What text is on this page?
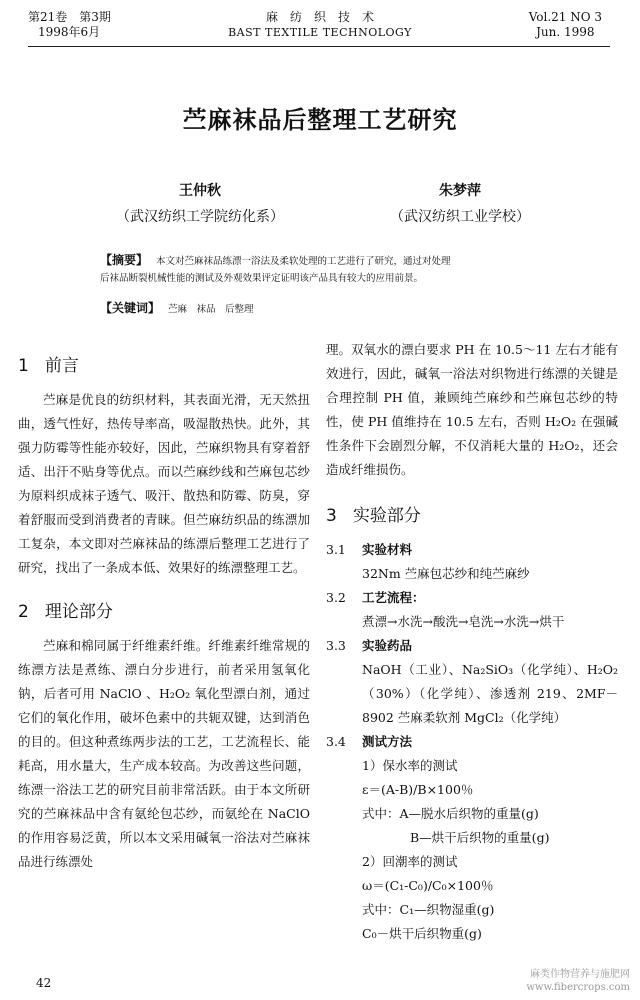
第21卷　第3期
1998年6月
麻　纺　织　技　术
BAST TEXTILE TECHNOLOGY
Vol.21 NO 3
Jun. 1998
苎麻袜品后整理工艺研究
王仲秋
（武汉纺织工学院纺化系）
朱梦萍
（武汉纺织工业学校）
【摘要】 本文对苎麻袜品练漂一浴法及柔软处理的工艺进行了研究，通过对处理
后袜品断裂机械性能的测试及外观效果评定证明该产品具有较大的应用前景。
【关键词】 苎麻　袜品　后整理
1 前言

苎麻是优良的纺织材料，其表面光滑，无天然扭曲，透气性好，热传导率高，吸湿散热快。此外，其强力防霉等性能亦较好，因此，苎麻织物具有穿着舒适、出汗不贴身等优点。而以苎麻纱线和苎麻包芯纱为原料织成袜子透气、吸汗、散热和防霉、防臭，穿着舒服而受到消费者的青睐。但苎麻纺织品的练漂加工复杂，本文即对苎麻袜品的练漂后整理工艺进行了研究，找出了一条成本低、效果好的练漂整理工艺。

2 理论部分

苎麻和棉同属于纤维素纤维。纤维素纤维常规的练漂方法是煮练、漂白分步进行，前者采用氢氧化钠，后者可用 NaClO 、H₂O₂ 氧化型漂白剂，通过它们的氧化作用，破坏色素中的共轭双键，达到消色的目的。但这种煮练两步法的工艺，工艺流程长、能耗高，用水量大，生产成本较高。为改善这些问题，练漂一浴法工艺的研究目前非常活跃。由于本文所研究的苎麻袜品中含有氨纶包芯纱，而氨纶在 NaClO 的作用容易泛黄，所以本文采用碱氧一浴法对苎麻袜品进行练漂处

理。双氧水的漂白要求 PH 在 10.5～11 左右才能有效进行，因此，碱氧一浴法对织物进行练漂的关键是合理控制 PH 值，兼顾纯苎麻纱和苎麻包芯纱的特性，使 PH 值维持在 10.5 左右，否则 H₂O₂ 在强碱性条件下会剧烈分解，不仅消耗大量的 H₂O₂，还会造成纤维损伤。

3 实验部分

3.1 实验材料

32Nm 苎麻包芯纱和纯苎麻纱

3.2 工艺流程：

煮漂→水洗→酸洗→皂洗→水洗→烘干

3.3 实验药品

NaOH（工业）、Na₂SiO₃（化学纯）、H₂O₂（30%）（化学纯）、渗透剂 219、2MF－8902 苎麻柔软剂 MgCl₂（化学纯）

3.4 测试方法

1）保水率的测试

ε＝(A-B)/B×100％

式中：A—脱水后织物的重量(g)

B—烘干后织物的重量(g)

2）回潮率的测试

ω＝(C₁-C₀)/C₀×100％

式中：C₁—织物湿重(g)

C₀－烘干后织物重(g)

42
麻类作物营养与施肥网
www.fibercrops.com
